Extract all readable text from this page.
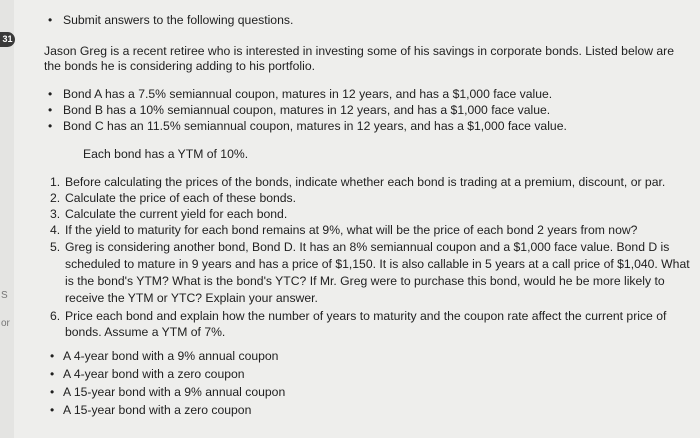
31
S
or
• Submit answers to the following questions.
Jason Greg is a recent retiree who is interested in investing some of his savings in corporate bonds. Listed below are
the bonds he is considering adding to his portfolio.
• Bond A has a 7.5% semiannual coupon, matures in 12 years, and has a $1,000 face value.
• Bond B has a 10% semiannual coupon, matures in 12 years, and has a $1,000 face value.
• Bond C has an 11.5% semiannual coupon, matures in 12 years, and has a $1,000 face value.
Each bond has a YTM of 10%.
1. Before calculating the prices of the bonds, indicate whether each bond is trading at a premium, discount, or par.
2. Calculate the price of each of these bonds.
3. Calculate the current yield for each bond.
4. If the yield to maturity for each bond remains at 9%, what will be the price of each bond 2 years from now?
5. Greg is considering another bond, Bond D. It has an 8% semiannual coupon and a $1,000 face value. Bond D is
scheduled to mature in 9 years and has a price of $1,150. It is also callable in 5 years at a call price of $1,040. What
is the bond's YTM? What is the bond's YTC? If Mr. Greg were to purchase this bond, would he be more likely to
receive the YTM or YTC? Explain your answer.
6. Price each bond and explain how the number of years to maturity and the coupon rate affect the current price of
bonds. Assume a YTM of 7%.
• A 4-year bond with a 9% annual coupon
• A 4-year bond with a zero coupon
• A 15-year bond with a 9% annual coupon
• A 15-year bond with a zero coupon
